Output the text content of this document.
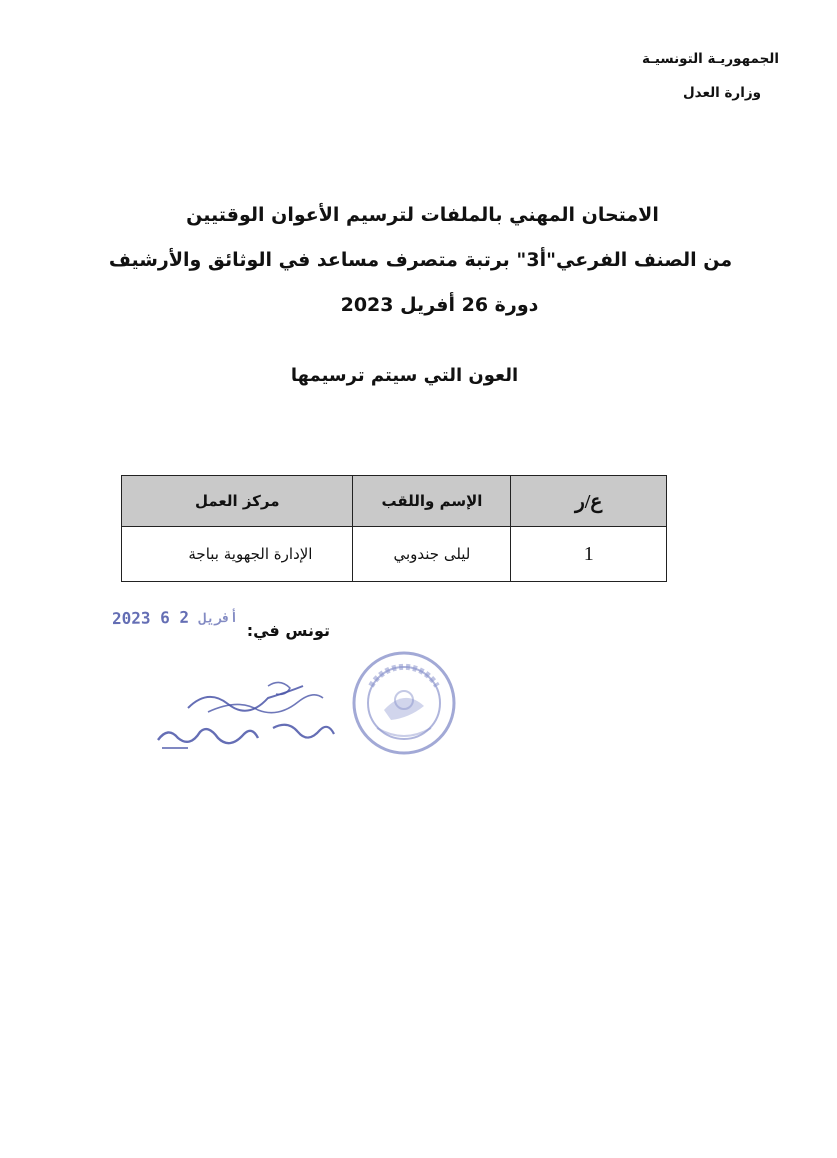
الجمهوريـة التونسيـة
وزارة العدل
الامتحان المهني بالملفات لترسيم الأعوان الوقتيين
من الصنف الفرعي"أ3" برتبة متصرف مساعد في الوثائق والأرشيف
دورة 26 أفريل 2023
العون التي سيتم ترسيمها
ع/ر	الإسم واللقب	مركز العمل
1	ليلى جندوبي	الإدارة الجهوية بباجة
تونس في:
2023	أفريل 2 6
